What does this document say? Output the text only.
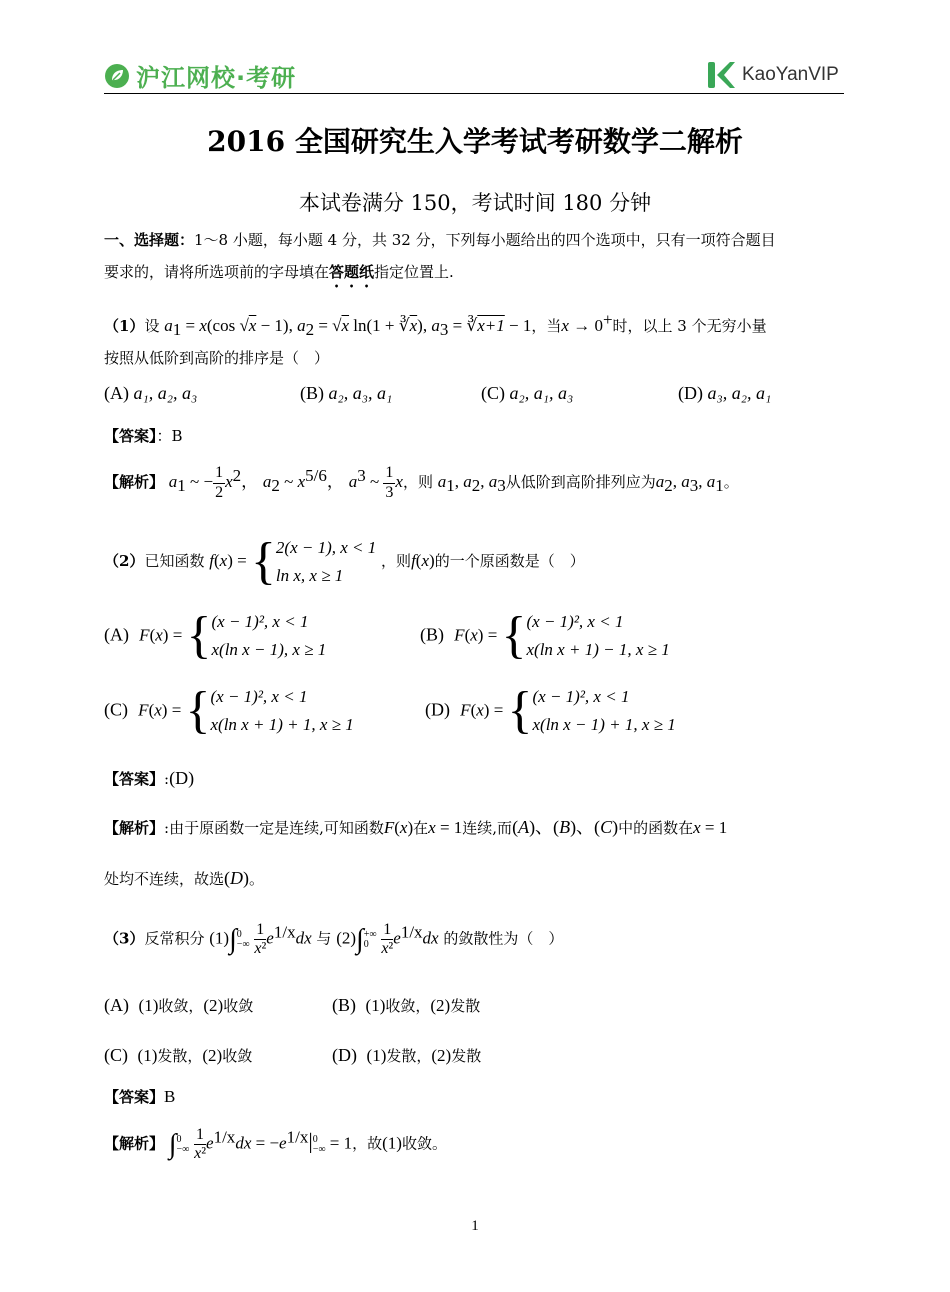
沪江网校·考研	KaoYanVIP
2016 全国研究生入学考试考研数学二解析
本试卷满分 150，考试时间 180 分钟
一、选择题：1～8 小题，每小题 4 分，共 32 分，下列每小题给出的四个选项中，只有一项符合题目
要求的，请将所选项前的字母填在答题纸指定位置上.
（1）设 $a_1 = x(\cos$ √x − 1), $a_2 = √x$ $\ln(1 + ∛\overline{x})$, $a_3$ = ∛x+1 − 1，当x → 0+时，以上 3 个无穷小量
按照从低阶到高阶的排序是（　）
(A) a₁, a₂, a₃	(B) a₂, a₃, a₁	(C) a₂, a₁, a₃	(D) a₃, a₂, a₁
【答案】：B
【解析】 $a_1$ ~ − $\frac{1}{2} x^2$， $a_2$ ~ $x^{5/6}$， $a^3$ ~ $\frac{1}{3}$ x，则 $a_1$, $a_2$, $a_3$从低阶到高阶排列应为$a_2$, $a_3$, $a_1$。
（2）已知函数 f(x) = { 2(x − 1), x < 1
ln x, x ≥ 1
，则f(x)的一个原函数是（　）
(A) F(x) = { (x − 1)², x < 1
x(ln x − 1), x ≥ 1
(B) F(x) = { (x − 1)², x < 1
x(ln x + 1) − 1, x ≥ 1
(C) F(x) = { (x − 1)², x < 1
x(ln x + 1) + 1, x ≥ 1
(D) F(x) = { (x − 1)², x < 1
x(ln x − 1) + 1, x ≥ 1
【答案】:(D)
【解析】:由于原函数一定是连续,可知函数F(x)在x = 1连续,而(A)、(B)、(C)中的函数在x = 1
处均不连续，故选(D)。
（3）反常积分 (1)∫ 0
−∞
$\frac{1}{\text{x²}} e^{1/x}dx$ 与 (2)∫ +∞
0
$\frac{1}{\text{x²}} e^{1/x}dx$ 的敛散性为（　）
(A) (1)收敛，(2)收敛	(B) (1)收敛，(2)发散
(C) (1)发散，(2)收敛	(D) (1)发散，(2)发散
【答案】B
【解析】 ∫ 0
−∞
$\frac{1}{\text{x²}} e^{1/x}dx = -e^{1/x}|$ 0
−∞ = 1，故(1)收敛。
1
